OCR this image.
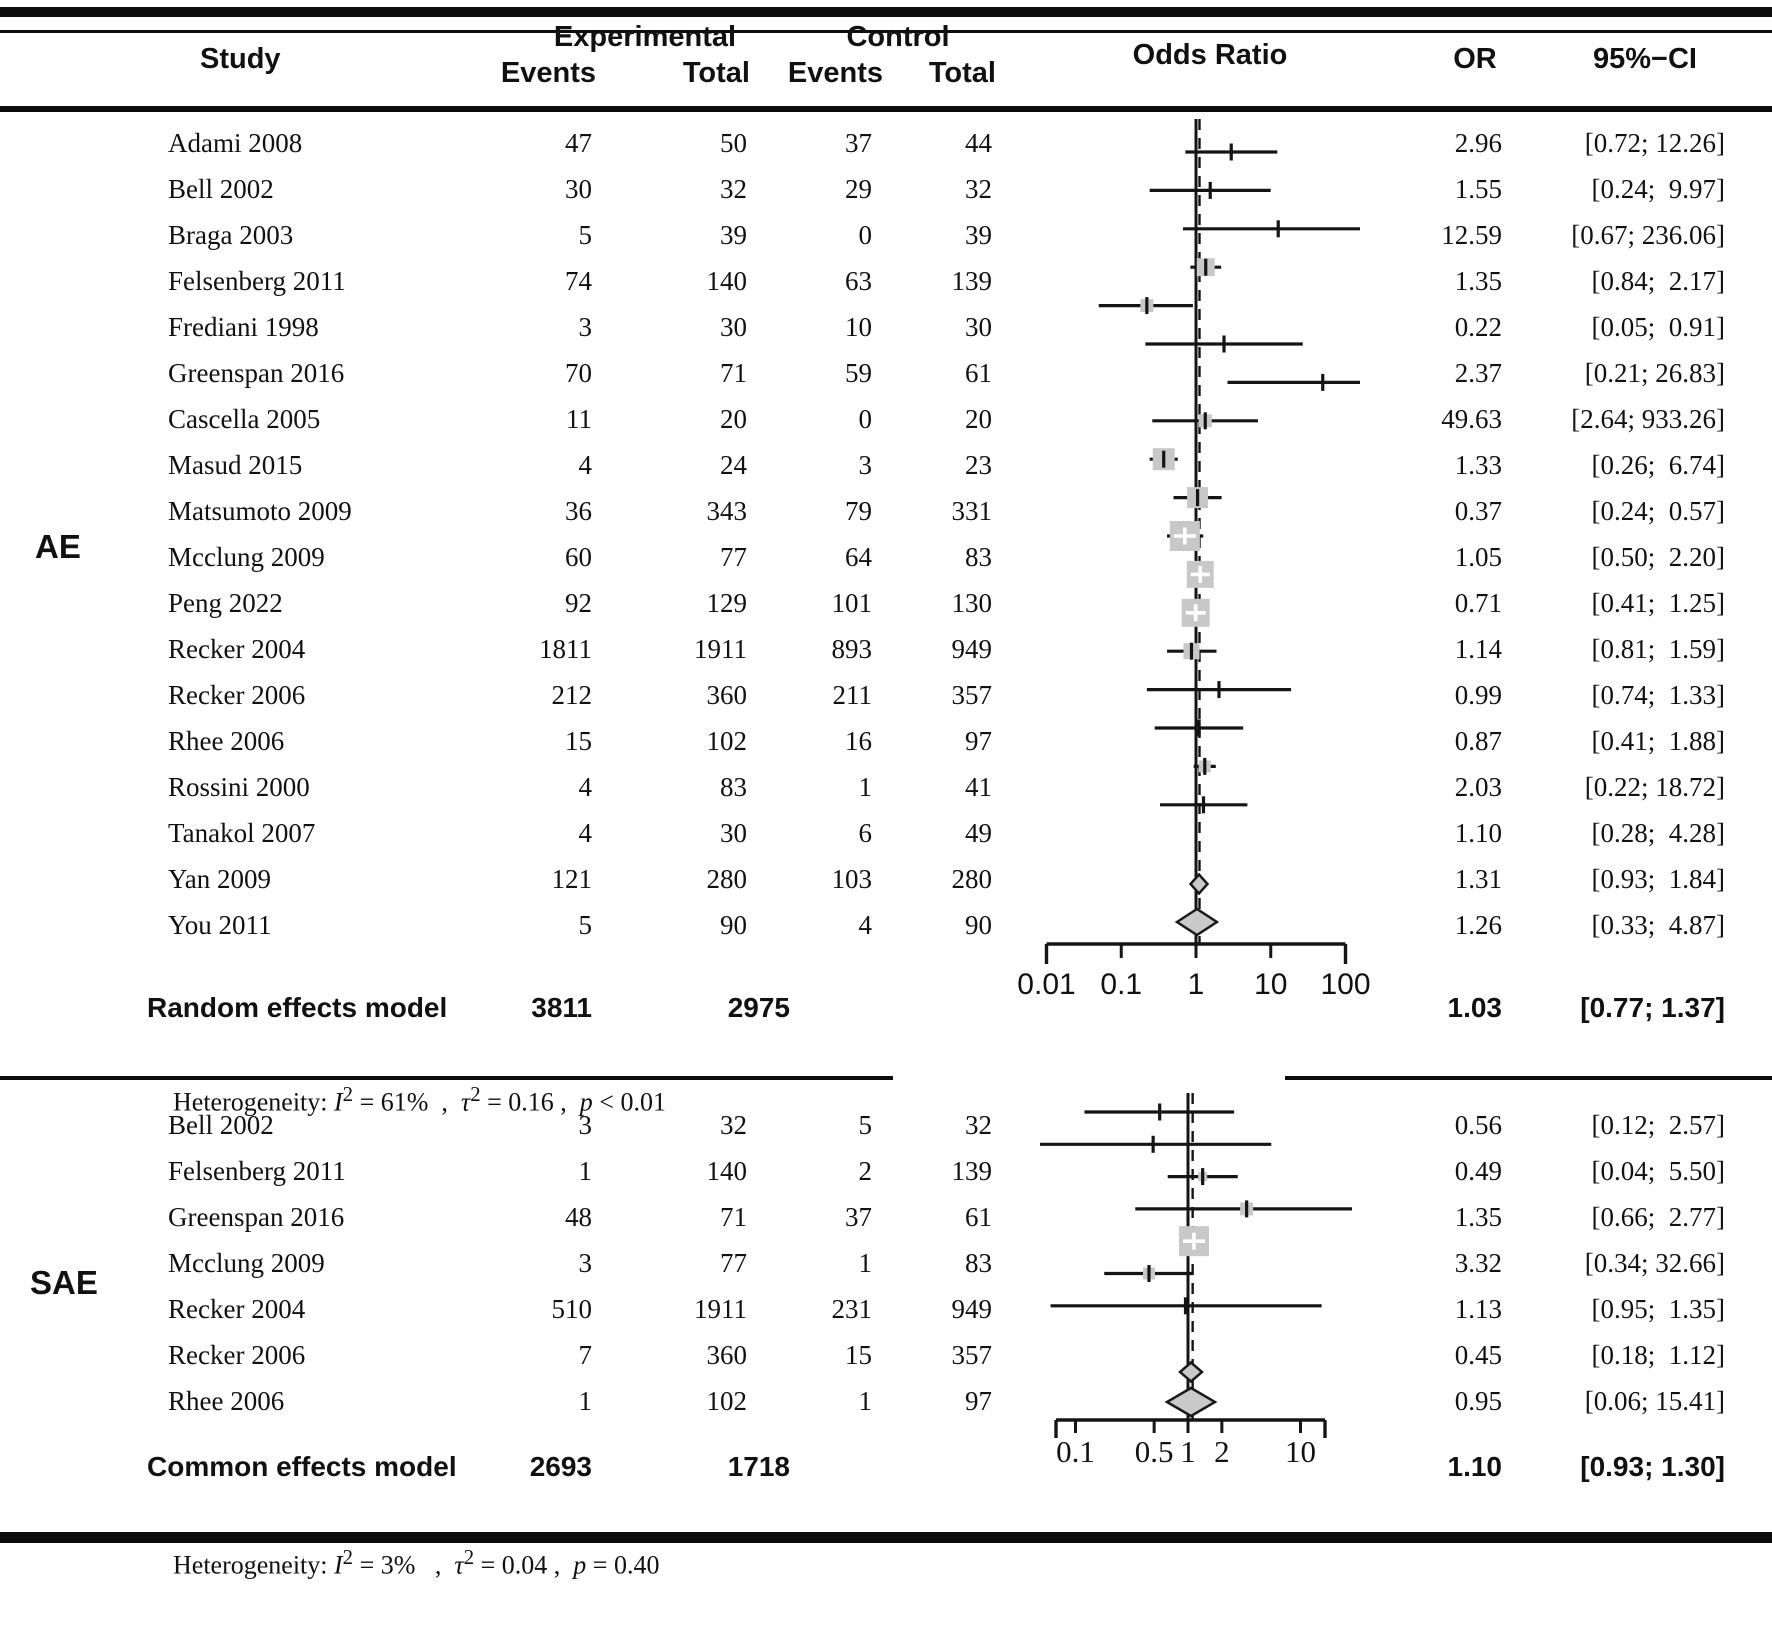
Study
Experimental	Control
Events	Total Events Total
Odds Ratio	OR	95%−CI
AE
SAE
Adami 2008	47	50	37	44	2.96	[0.72; 12.26]
Bell 2002	30	32	29	32	1.55	[0.24;  9.97]
Braga 2003	5	39	0	39	12.59	[0.67; 236.06]
Felsenberg 2011	74	140	63	139	1.35	[0.84;  2.17]
Frediani 1998	3	30	10	30	0.22	[0.05;  0.91]
Greenspan 2016	70	71	59	61	2.37	[0.21; 26.83]
Cascella 2005	11	20	0	20	49.63	[2.64; 933.26]
Masud 2015	4	24	3	23	1.33	[0.26;  6.74]
Matsumoto 2009	36	343	79	331	0.37	[0.24;  0.57]
Mcclung 2009	60	77	64	83	1.05	[0.50;  2.20]
Peng 2022	92	129	101	130	0.71	[0.41;  1.25]
Recker 2004	1811	1911	893	949	1.14	[0.81;  1.59]
Recker 2006	212	360	211	357	0.99	[0.74;  1.33]
Rhee 2006	15	102	16	97	0.87	[0.41;  1.88]
Rossini 2000	4	83	1	41	2.03	[0.22; 18.72]
Tanakol 2007	4	30	6	49	1.10	[0.28;  4.28]
Yan 2009	121	280	103	280	1.31	[0.93;  1.84]
You 2011	5	90	4	90	1.26	[0.33;  4.87]
Bell 2002	3	32	5	32	0.56	[0.12;  2.57]
Felsenberg 2011	1	140	2	139	0.49	[0.04;  5.50]
Greenspan 2016	48	71	37	61	1.35	[0.66;  2.77]
Mcclung 2009	3	77	1	83	3.32	[0.34; 32.66]
Recker 2004	510	1911	231	949	1.13	[0.95;  1.35]
Recker 2006	7	360	15	357	0.45	[0.18;  1.12]
Rhee 2006	1	102	1	97	0.95	[0.06; 15.41]
Random effects model	3811	2975	1.03	[0.77; 1.37]

Heterogeneity: $I^2 = 61\%$  ,  $\tau^2 = 0.16$ ,  p < 0.01

Common effects model	2693	1718	1.10	[0.93; 1.30]

Heterogeneity: $I^2 = 3\%$   ,  $\tau^2 = 0.04$ ,  p = 0.40

0.01 0.1 1 10 100
0.1 0.5 1 2 10
